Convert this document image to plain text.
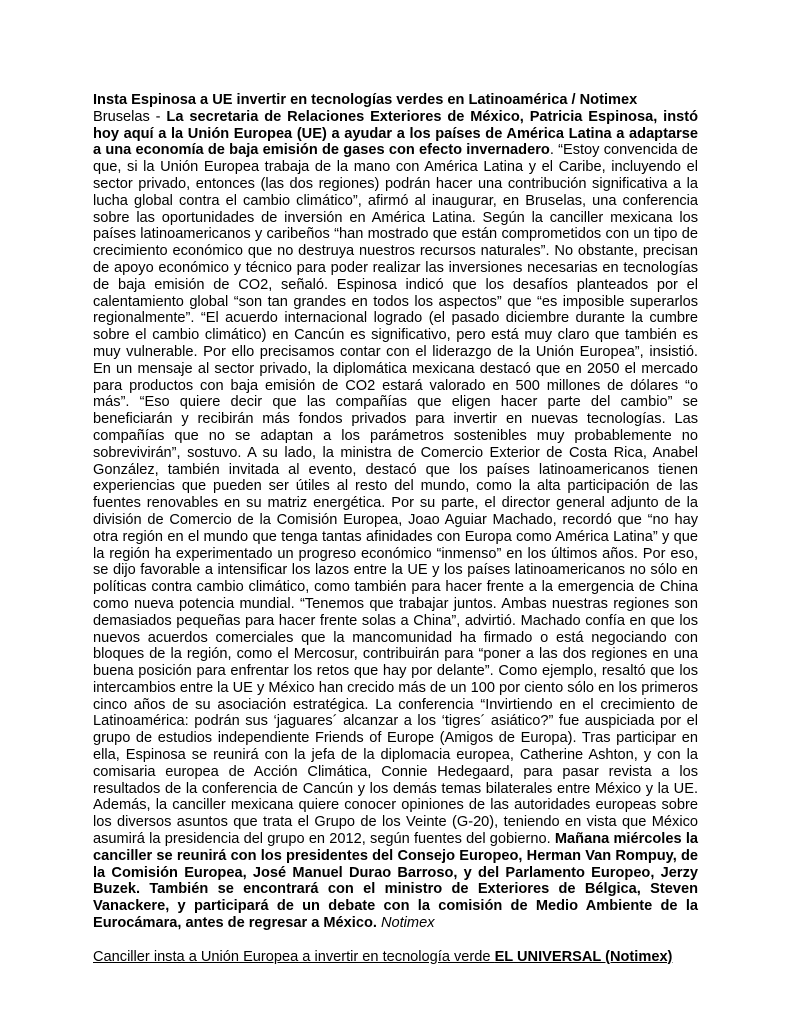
Insta Espinosa a UE invertir en tecnologías verdes en Latinoamérica / Notimex

Bruselas - La secretaria de Relaciones Exteriores de México, Patricia Espinosa, instó hoy aquí a la Unión Europea (UE) a ayudar a los países de América Latina a adaptarse a una economía de baja emisión de gases con efecto invernadero. “Estoy convencida de que, si la Unión Europea trabaja de la mano con América Latina y el Caribe, incluyendo el sector privado, entonces (las dos regiones) podrán hacer una contribución significativa a la lucha global contra el cambio climático”, afirmó al inaugurar, en Bruselas, una conferencia sobre las oportunidades de inversión en América Latina. Según la canciller mexicana los países latinoamericanos y caribeños “han mostrado que están comprometidos con un tipo de crecimiento económico que no destruya nuestros recursos naturales”. No obstante, precisan de apoyo económico y técnico para poder realizar las inversiones necesarias en tecnologías de baja emisión de CO2, señaló. Espinosa indicó que los desafíos planteados por el calentamiento global “son tan grandes en todos los aspectos” que “es imposible superarlos regionalmente”. “El acuerdo internacional logrado (el pasado diciembre durante la cumbre sobre el cambio climático) en Cancún es significativo, pero está muy claro que también es muy vulnerable. Por ello precisamos contar con el liderazgo de la Unión Europea”, insistió. En un mensaje al sector privado, la diplomática mexicana destacó que en 2050 el mercado para productos con baja emisión de CO2 estará valorado en 500 millones de dólares “o más”. “Eso quiere decir que las compañías que eligen hacer parte del cambio” se beneficiarán y recibirán más fondos privados para invertir en nuevas tecnologías. Las compañías que no se adaptan a los parámetros sostenibles muy probablemente no sobrevivirán”, sostuvo. A su lado, la ministra de Comercio Exterior de Costa Rica, Anabel González, también invitada al evento, destacó que los países latinoamericanos tienen experiencias que pueden ser útiles al resto del mundo, como la alta participación de las fuentes renovables en su matriz energética. Por su parte, el director general adjunto de la división de Comercio de la Comisión Europea, Joao Aguiar Machado, recordó que “no hay otra región en el mundo que tenga tantas afinidades con Europa como América Latina” y que la región ha experimentado un progreso económico “inmenso” en los últimos años. Por eso, se dijo favorable a intensificar los lazos entre la UE y los países latinoamericanos no sólo en políticas contra cambio climático, como también para hacer frente a la emergencia de China como nueva potencia mundial. “Tenemos que trabajar juntos. Ambas nuestras regiones son demasiados pequeñas para hacer frente solas a China”, advirtió. Machado confía en que los nuevos acuerdos comerciales que la mancomunidad ha firmado o está negociando con bloques de la región, como el Mercosur, contribuirán para “poner a las dos regiones en una buena posición para enfrentar los retos que hay por delante”. Como ejemplo, resaltó que los intercambios entre la UE y México han crecido más de un 100 por ciento sólo en los primeros cinco años de su asociación estratégica. La conferencia “Invirtiendo en el crecimiento de Latinoamérica: podrán sus ‘jaguares´ alcanzar a los ‘tigres´ asiático?” fue auspiciada por el grupo de estudios independiente Friends of Europe (Amigos de Europa). Tras participar en ella, Espinosa se reunirá con la jefa de la diplomacia europea, Catherine Ashton, y con la comisaria europea de Acción Climática, Connie Hedegaard, para pasar revista a los resultados de la conferencia de Cancún y los demás temas bilaterales entre México y la UE. Además, la canciller mexicana quiere conocer opiniones de las autoridades europeas sobre los diversos asuntos que trata el Grupo de los Veinte (G-20), teniendo en vista que México asumirá la presidencia del grupo en 2012, según fuentes del gobierno. Mañana miércoles la canciller se reunirá con los presidentes del Consejo Europeo, Herman Van Rompuy, de la Comisión Europea, José Manuel Durao Barroso, y del Parlamento Europeo, Jerzy Buzek. También se encontrará con el ministro de Exteriores de Bélgica, Steven Vanackere, y participará de un debate con la comisión de Medio Ambiente de la Eurocámara, antes de regresar a México. Notimex

Canciller insta a Unión Europea a invertir en tecnología verde EL UNIVERSAL (Notimex)
